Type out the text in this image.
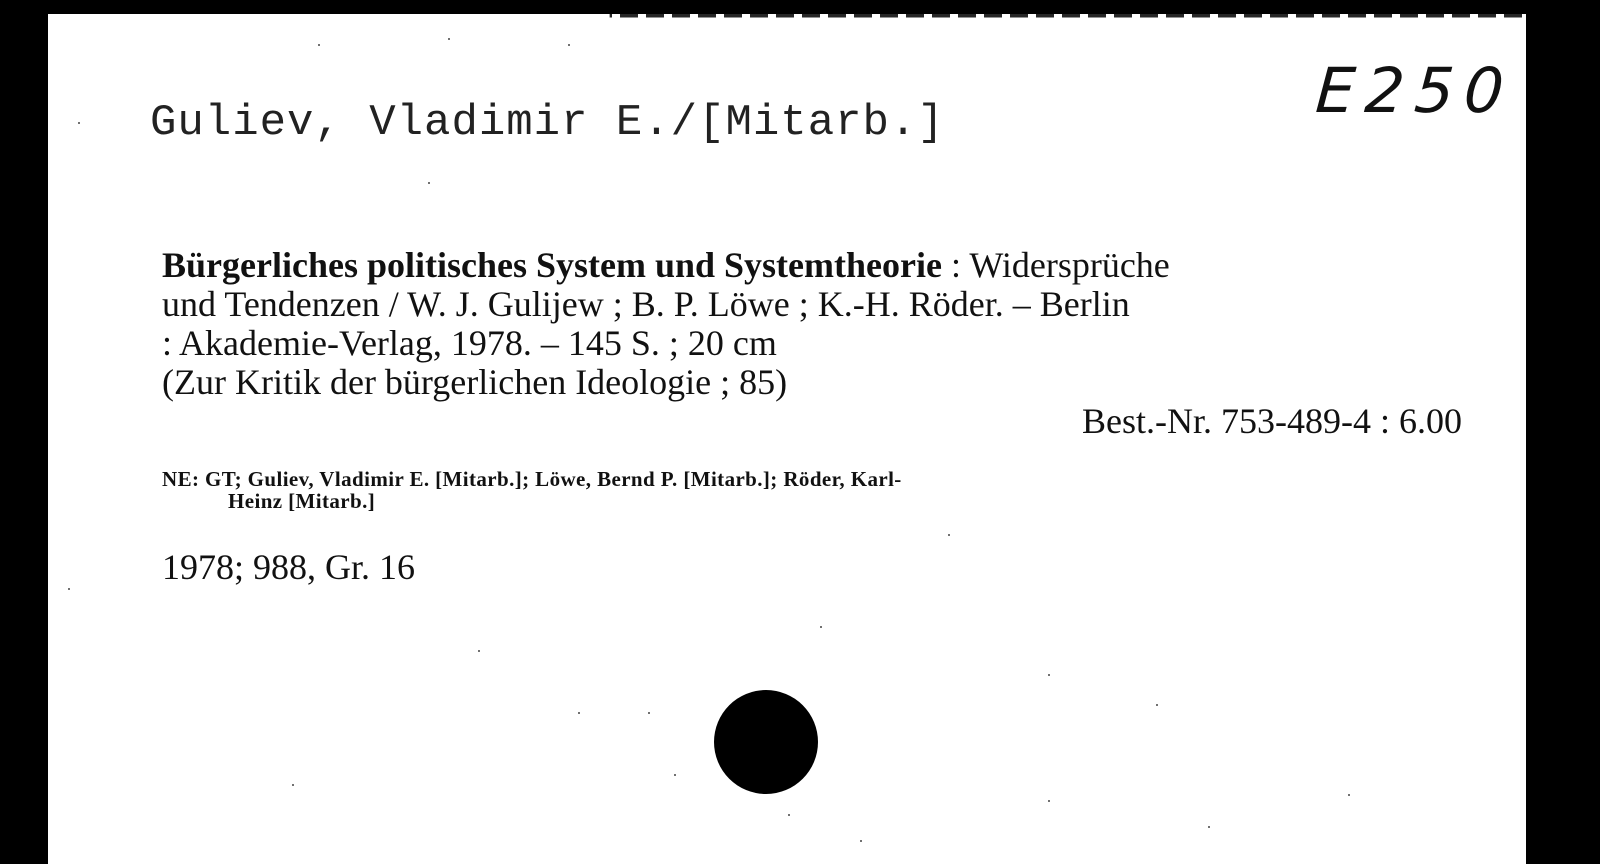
Guliev, Vladimir E./[Mitarb.]	E250
Bürgerliches politisches System und Systemtheorie : Widersprüche
und Tendenzen / W. J. Gulijew ; B. P. Löwe ; K.-H. Röder. – Berlin
: Akademie-Verlag, 1978. – 145 S. ; 20 cm
(Zur Kritik der bürgerlichen Ideologie ; 85)
Best.-Nr. 753-489-4 : 6.00
NE: GT; Guliev, Vladimir E. [Mitarb.]; Löwe, Bernd P. [Mitarb.]; Röder, Karl-
Heinz [Mitarb.]
1978; 988, Gr. 16
